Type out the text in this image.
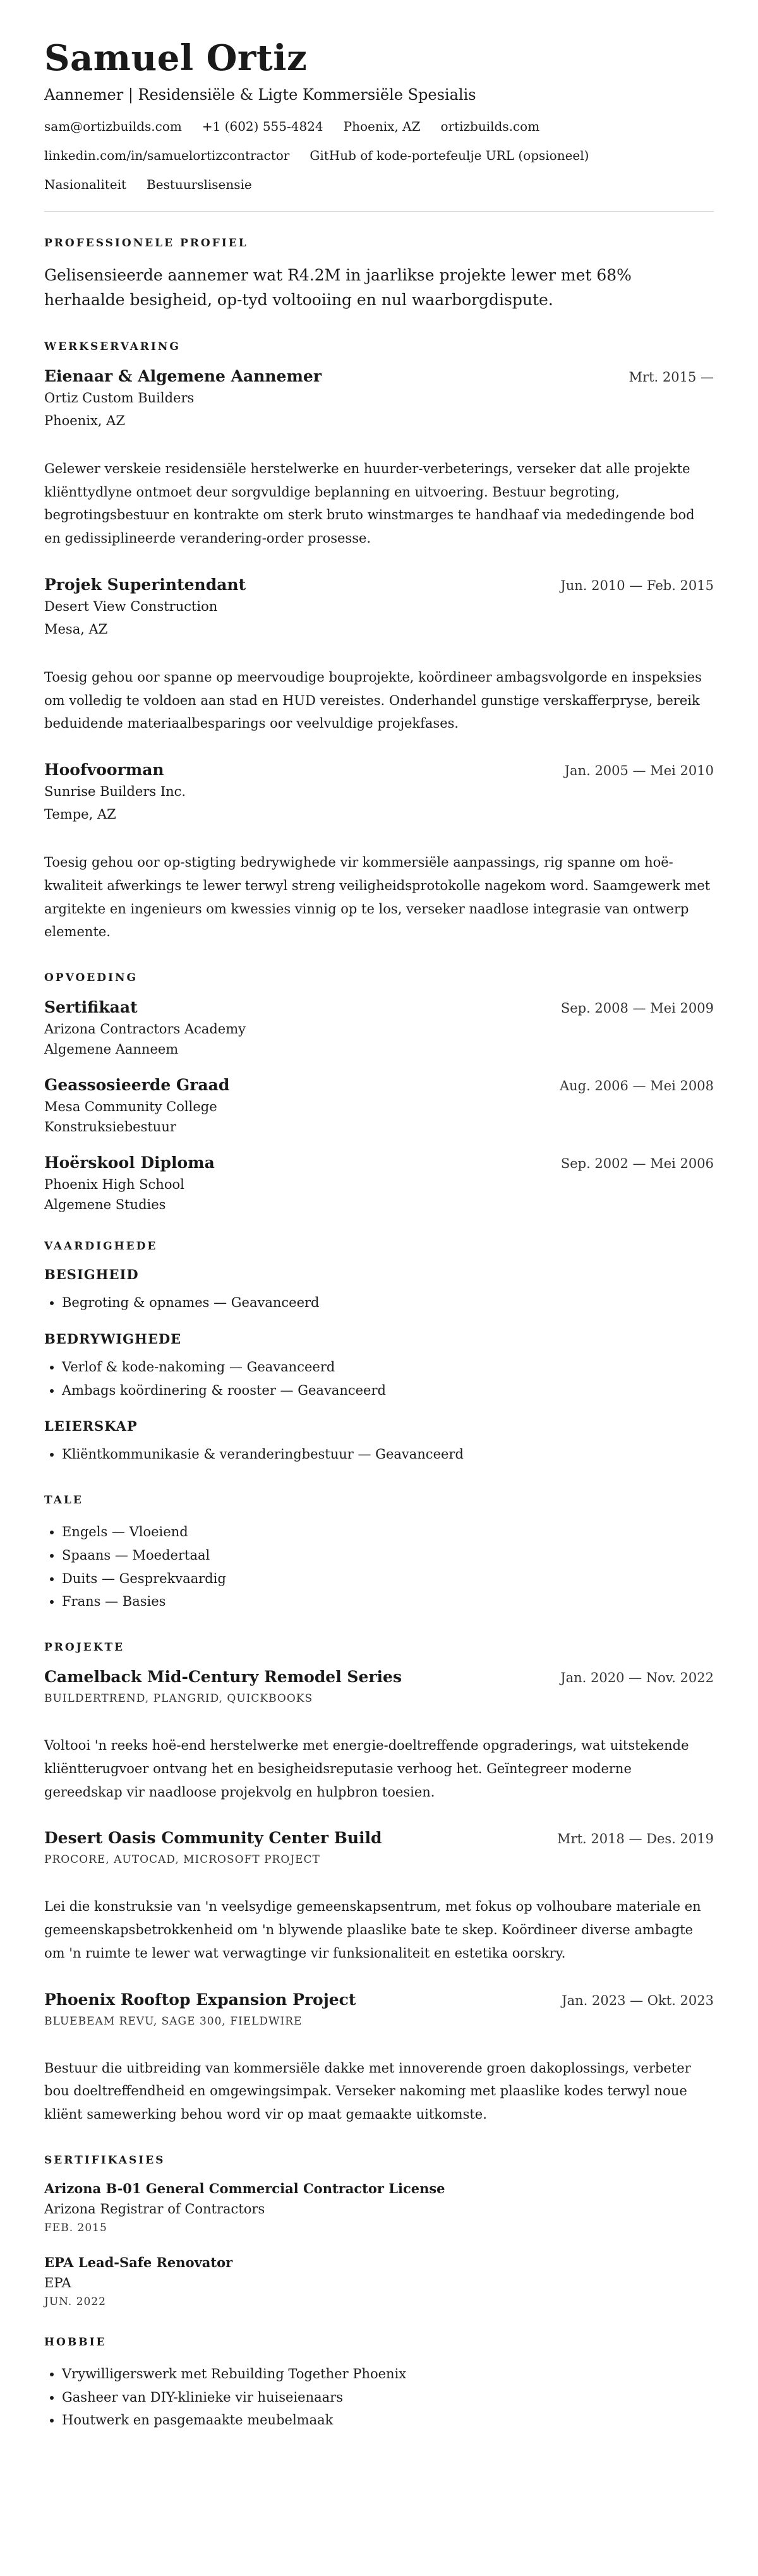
Samuel Ortiz
Aannemer | Residensiële & Ligte Kommersiële Spesialis
sam@ortizbuilds.com +1 (602) 555-4824 Phoenix, AZ ortizbuilds.com
linkedin.com/in/samuelortizcontractor GitHub of kode-portefeulje URL (opsioneel)
Nasionaliteit Bestuurslisensie
PROFESSIONELE PROFIEL

Gelisensieerde aannemer wat R4.2M in jaarlikse projekte lewer met 68% herhaalde besigheid, op-tyd voltooiing en nul waarborgdispute.

WERKSERVARING
Eienaar & Algemene Aannemer	Mrt. 2015 —
Ortiz Custom Builders
Phoenix, AZ

Gelewer verskeie residensiële herstelwerke en huurder-verbeterings, verseker dat alle projekte kliënttydlyne ontmoet deur sorgvuldige beplanning en uitvoering. Bestuur begroting, begrotingsbestuur en kontrakte om sterk bruto winstmarges te handhaaf via mededingende bod en gedissiplineerde verandering-order prosesse.

Projek Superintendant	Jun. 2010 — Feb. 2015
Desert View Construction
Mesa, AZ

Toesig gehou oor spanne op meervoudige bouprojekte, koördineer ambagsvolgorde en inspeksies om volledig te voldoen aan stad en HUD vereistes. Onderhandel gunstige verskafferpryse, bereik beduidende materiaalbesparings oor veelvuldige projekfases.

Hoofvoorman	Jan. 2005 — Mei 2010
Sunrise Builders Inc.
Tempe, AZ

Toesig gehou oor op-stigting bedrywighede vir kommersiële aanpassings, rig spanne om hoë-kwaliteit afwerkings te lewer terwyl streng veiligheidsprotokolle nagekom word. Saamgewerk met argitekte en ingenieurs om kwessies vinnig op te los, verseker naadlose integrasie van ontwerp elemente.

OPVOEDING
Sertifikaat	Sep. 2008 — Mei 2009
Arizona Contractors Academy
Algemene Aanneem
Geassosieerde Graad	Aug. 2006 — Mei 2008
Mesa Community College
Konstruksiebestuur
Hoërskool Diploma	Sep. 2002 — Mei 2006
Phoenix High School
Algemene Studies
VAARDIGHEDE
BESIGHEID
• Begroting & opnames — Geavanceerd
BEDRYWIGHEDE
• Verlof & kode-nakoming — Geavanceerd
• Ambags koördinering & rooster — Geavanceerd
LEIERSKAP
• Kliëntkommunikasie & veranderingbestuur — Geavanceerd
TALE
• Engels — Vloeiend
• Spaans — Moedertaal
• Duits — Gesprekvaardig
• Frans — Basies
PROJEKTE
Camelback Mid-Century Remodel Series	Jan. 2020 — Nov. 2022
BUILDERTREND, PLANGRID, QUICKBOOKS

Voltooi 'n reeks hoë-end herstelwerke met energie-doeltreffende opgraderings, wat uitstekende kliëntterugvoer ontvang het en besigheidsreputasie verhoog het. Geïntegreer moderne gereedskap vir naadloose projekvolg en hulpbron toesien.

Desert Oasis Community Center Build	Mrt. 2018 — Des. 2019
PROCORE, AUTOCAD, MICROSOFT PROJECT

Lei die konstruksie van 'n veelsydige gemeenskapsentrum, met fokus op volhoubare materiale en gemeenskapsbetrokkenheid om 'n blywende plaaslike bate te skep. Koördineer diverse ambagte om 'n ruimte te lewer wat verwagtinge vir funksionaliteit en estetika oorskry.

Phoenix Rooftop Expansion Project	Jan. 2023 — Okt. 2023
BLUEBEAM REVU, SAGE 300, FIELDWIRE

Bestuur die uitbreiding van kommersiële dakke met innoverende groen dakoplossings, verbeter bou doeltreffendheid en omgewingsimpak. Verseker nakoming met plaaslike kodes terwyl noue kliënt samewerking behou word vir op maat gemaakte uitkomste.

SERTIFIKASIES
Arizona B-01 General Commercial Contractor License
Arizona Registrar of Contractors
FEB. 2015
EPA Lead-Safe Renovator
EPA
JUN. 2022
HOBBIE
• Vrywilligerswerk met Rebuilding Together Phoenix
• Gasheer van DIY-klinieke vir huiseienaars
• Houtwerk en pasgemaakte meubelmaak
